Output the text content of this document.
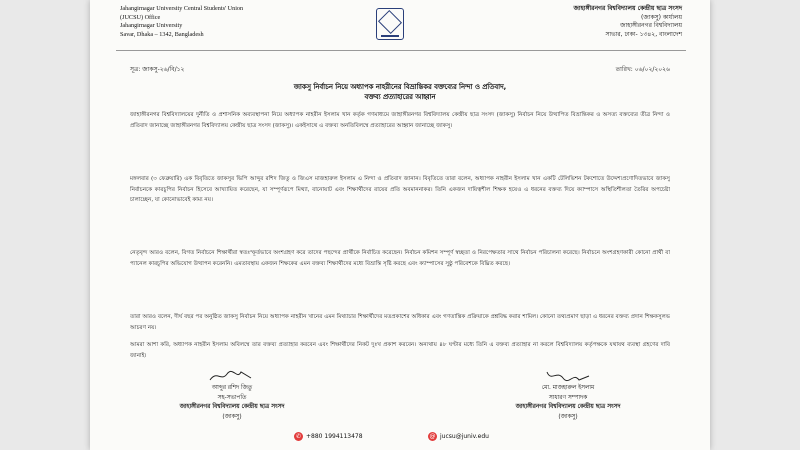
Jahangirnagar University Central Students' Union
(JUCSU) Office
Jahangirnagar University
Savar, Dhaka – 1342, Bangladesh
জাহাঙ্গীরনগর বিশ্ববিদ্যালয় কেন্দ্রীয় ছাত্র সংসদ
(জাকসু) কার্যালয়
জাহাঙ্গীরনগর বিশ্ববিদ্যালয়
সাভার, ঢাকা- ১৩৪২, বাংলাদেশ
সূত্র: জাকসু-২৬/বি/১২	তারিখ: ০৬/০২/২০২৬
জাকসু নির্বাচন নিয়ে অধ্যাপক নাহরীনের বিভ্রান্তিকর বক্তব্যের নিন্দা ও প্রতিবাদ,
বক্তব্য প্রত্যাহারের আহ্বান
জাহাঙ্গীরনগর বিশ্ববিদ্যালয়ের দুর্নীতি ও প্রশাসনিক অব্যবস্থাপনা নিয়ে অধ্যাপক নাহরীন ইসলাম খান কর্তৃক গণমাধ্যমে জাহাঙ্গীরনগর বিশ্ববিদ্যালয় কেন্দ্রীয় ছাত্র সংসদ (জাকসু) নির্বাচন নিয়ে উত্থাপিত বিভ্রান্তিকর ও অসত্য বক্তব্যের তীব্র নিন্দা ও প্রতিবাদ জানাচ্ছে জাহাঙ্গীরনগর বিশ্ববিদ্যালয় কেন্দ্রীয় ছাত্র সংসদ (জাকসু)। একইসাথে এ বক্তব্য অনতিবিলম্বে প্রত্যাহারের আহ্বান জানাচ্ছে জাকসু।
মঙ্গলবার (৩ ফেব্রুয়ারি) এক বিবৃতিতে জাকসুর ভিপি আব্দুর রশিদ জিতু ও জিএস মাজহারুল ইসলাম এ নিন্দা ও প্রতিবাদ জানান। বিবৃতিতে তারা বলেন, অধ্যাপক নাহরীন ইসলাম খান একটি টেলিভিশন টকশোতে উদ্দেশ্যপ্রণোদিতভাবে জাকসু নির্বাচনকে কারচুপির নির্বাচন হিসেবে আখ্যায়িত করেছেন, যা সম্পূর্ণরূপে মিথ্যা, বানোয়াট এবং শিক্ষার্থীদের রায়ের প্রতি অবমাননাকর। তিনি একজন দায়িত্বশীল শিক্ষক হয়েও এ ধরনের বক্তব্য দিয়ে ক্যাম্পাসে অস্থিতিশীলতা তৈরির অপচেষ্টা চালাচ্ছেন, যা কোনোভাবেই কাম্য নয়।
নেতৃবৃন্দ আরও বলেন, বিগত নির্বাচনে শিক্ষার্থীরা স্বতঃস্ফূর্তভাবে অংশগ্রহণ করে তাদের পছন্দের প্রার্থীকে নির্বাচিত করেছেন। নির্বাচন কমিশন সম্পূর্ণ স্বচ্ছতা ও নিরপেক্ষতার সাথে নির্বাচন পরিচালনা করেছে। নির্বাচনে অংশগ্রহণকারী কোনো প্রার্থী বা প্যানেল কারচুপির অভিযোগ উত্থাপন করেননি। এমতাবস্থায় একজন শিক্ষকের এমন বক্তব্য শিক্ষার্থীদের মধ্যে বিভ্রান্তি সৃষ্টি করছে এবং ক্যাম্পাসের সুষ্ঠু পরিবেশকে বিঘ্নিত করছে।
তারা আরও বলেন, দীর্ঘ বছর পর অনুষ্ঠিত জাকসু নির্বাচন নিয়ে অধ্যাপক নাহরীন খানের এমন মিথ্যাচার শিক্ষার্থীদের মতপ্রকাশের অধিকার এবং গণতান্ত্রিক প্রক্রিয়াকে প্রশ্নবিদ্ধ করার শামিল। কোনো তথ্যপ্রমাণ ছাড়া এ ধরনের বক্তব্য প্রদান শিক্ষকসুলভ আচরণ নয়।
আমরা আশা করি, অধ্যাপক নাহরীন ইসলাম অবিলম্বে তার বক্তব্য প্রত্যাহার করবেন এবং শিক্ষার্থীদের নিকট দুঃখ প্রকাশ করবেন। অন্যথায় ৪৮ ঘণ্টার মধ্যে তিনি এ বক্তব্য প্রত্যাহার না করলে বিশ্ববিদ্যালয় কর্তৃপক্ষকে যথাযথ ব্যবস্থা গ্রহণের দাবি জানাই।
আব্দুর রশিদ জিতু
সহ-সভাপতি
জাহাঙ্গীরনগর বিশ্ববিদ্যালয় কেন্দ্রীয় ছাত্র সংসদ
(জাকসু)
মো. মাজহারুল ইসলাম
সাধারণ সম্পাদক
জাহাঙ্গীরনগর বিশ্ববিদ্যালয় কেন্দ্রীয় ছাত্র সংসদ
(জাকসু)
✆ +880 1994113478	@ jucsu@juniv.edu
